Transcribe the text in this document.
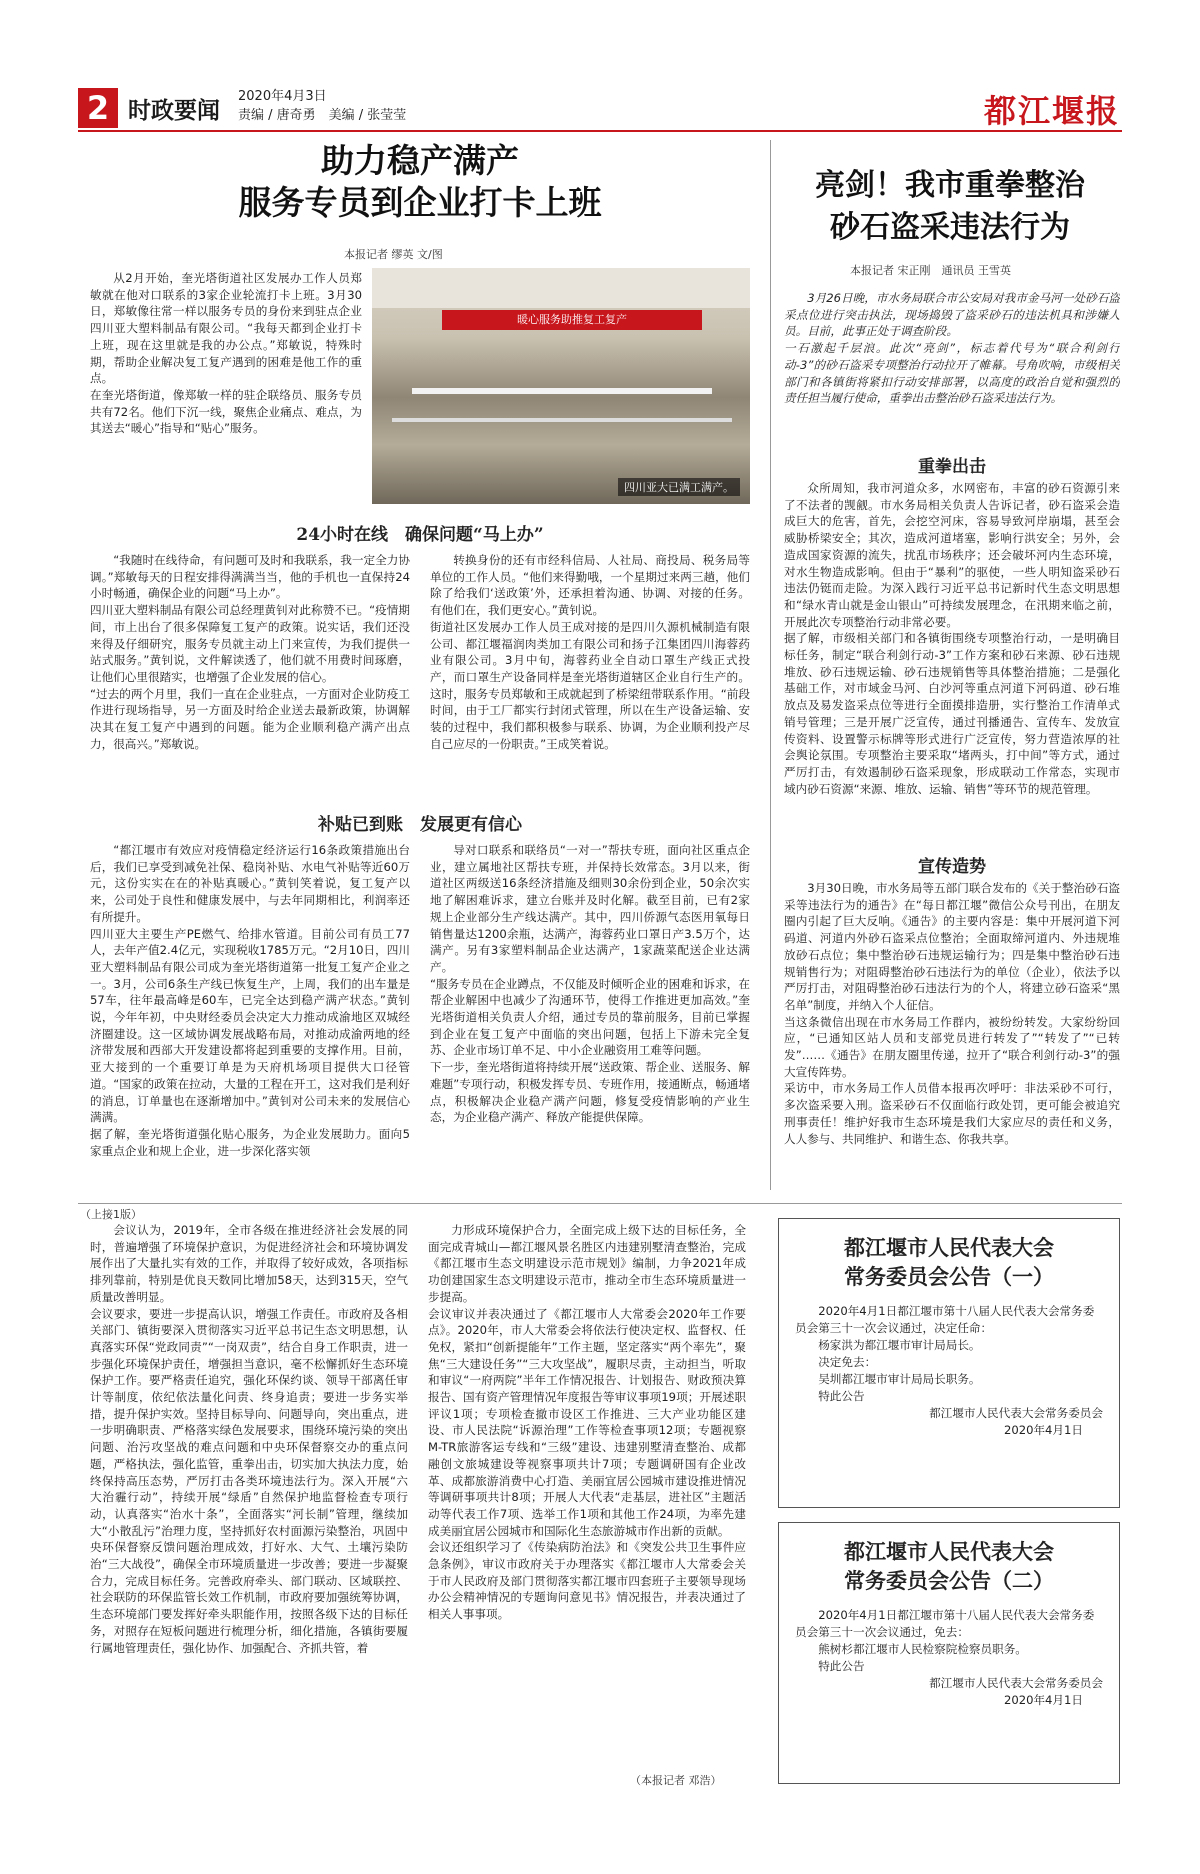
2 时政要闻
2020年4月3日
责编 / 唐奇勇　美编 / 张莹莹	都江堰报
助力稳产满产
服务专员到企业打卡上班
本报记者 缪英 文/图

从2月开始，奎光塔街道社区发展办工作人员郑敏就在他对口联系的3家企业轮流打卡上班。3月30日，郑敏像往常一样以服务专员的身份来到驻点企业四川亚大塑料制品有限公司。“我每天都到企业打卡上班，现在这里就是我的办公点。”郑敏说，特殊时期，帮助企业解决复工复产遇到的困难是他工作的重点。
在奎光塔街道，像郑敏一样的驻企联络员、服务专员共有72名。他们下沉一线，聚焦企业痛点、难点，为其送去“暖心”指导和“贴心”服务。

暖心服务助推复工复产
四川亚大已满工满产。
24小时在线　确保问题“马上办”

“我随时在线待命，有问题可及时和我联系，我一定全力协调。”郑敏每天的日程安排得满满当当，他的手机也一直保持24小时畅通，确保企业的问题“马上办”。
四川亚大塑料制品有限公司总经理黄钊对此称赞不已。“疫情期间，市上出台了很多保障复工复产的政策。说实话，我们还没来得及仔细研究，服务专员就主动上门来宣传，为我们提供一站式服务。”黄钊说，文件解读透了，他们就不用费时间琢磨，让他们心里很踏实，也增强了企业发展的信心。
“过去的两个月里，我们一直在企业驻点，一方面对企业防疫工作进行现场指导，另一方面及时给企业送去最新政策，协调解决其在复工复产中遇到的问题。能为企业顺利稳产满产出点力，很高兴。”郑敏说。

转换身份的还有市经科信局、人社局、商投局、税务局等单位的工作人员。“他们来得勤哦，一个星期过来两三趟，他们除了给我们‘送政策’外，还承担着沟通、协调、对接的任务。有他们在，我们更安心。”黄钊说。
街道社区发展办工作人员王成对接的是四川久源机械制造有限公司、都江堰福润肉类加工有限公司和扬子江集团四川海蓉药业有限公司。3月中旬，海蓉药业全自动口罩生产线正式投产，而口罩生产设备同样是奎光塔街道辖区企业自行生产的。这时，服务专员郑敏和王成就起到了桥梁纽带联系作用。“前段时间，由于工厂都实行封闭式管理，所以在生产设备运输、安装的过程中，我们都积极参与联系、协调，为企业顺利投产尽自己应尽的一份职责。”王成笑着说。

补贴已到账　发展更有信心

“都江堰市有效应对疫情稳定经济运行16条政策措施出台后，我们已享受到减免社保、稳岗补贴、水电气补贴等近60万元，这份实实在在的补贴真暖心。”黄钊笑着说，复工复产以来，公司处于良性和健康发展中，与去年同期相比，利润率还有所提升。
四川亚大主要生产PE燃气、给排水管道。目前公司有员工77人，去年产值2.4亿元，实现税收1785万元。“2月10日，四川亚大塑料制品有限公司成为奎光塔街道第一批复工复产企业之一。3月，公司6条生产线已恢复生产，上周，我们的出车量是57车，往年最高峰是60车，已完全达到稳产满产状态。”黄钊说，今年年初，中央财经委员会决定大力推动成渝地区双城经济圈建设。这一区域协调发展战略布局，对推动成渝两地的经济带发展和西部大开发建设都将起到重要的支撑作用。目前，亚大接到的一个重要订单是为天府机场项目提供大口径管道。“国家的政策在拉动，大量的工程在开工，这对我们是利好的消息，订单量也在逐渐增加中。”黄钊对公司未来的发展信心满满。
据了解，奎光塔街道强化贴心服务，为企业发展助力。面向5家重点企业和规上企业，进一步深化落实领

导对口联系和联络员“一对一”帮扶专班，面向社区重点企业，建立属地社区帮扶专班，并保持长效常态。3月以来，街道社区两级送16条经济措施及细则30余份到企业，50余次实地了解困难诉求，建立台账并及时化解。截至目前，已有2家规上企业部分生产线达满产。其中，四川侨源气态医用氧每日销售量达1200余瓶，达满产，海蓉药业口罩日产3.5万个，达满产。另有3家塑料制品企业达满产，1家蔬菜配送企业达满产。
“服务专员在企业蹲点，不仅能及时倾听企业的困难和诉求，在帮企业解困中也减少了沟通环节，使得工作推进更加高效。”奎光塔街道相关负责人介绍，通过专员的靠前服务，目前已掌握到企业在复工复产中面临的突出问题，包括上下游未完全复苏、企业市场订单不足、中小企业融资用工难等问题。
下一步，奎光塔街道将持续开展“送政策、帮企业、送服务、解难题”专项行动，积极发挥专员、专班作用，接通断点，畅通堵点，积极解决企业稳产满产问题，修复受疫情影响的产业生态，为企业稳产满产、释放产能提供保障。

亮剑！我市重拳整治
砂石盗采违法行为
本报记者 宋正刚　通讯员 王雪英

3月26日晚，市水务局联合市公安局对我市金马河一处砂石盗采点位进行突击执法，现场捣毁了盗采砂石的违法机具和涉嫌人员。目前，此事正处于调查阶段。
一石激起千层浪。此次“亮剑”，标志着代号为“联合利剑行动-3”的砂石盗采专项整治行动拉开了帷幕。号角吹响，市级相关部门和各镇街将紧扣行动安排部署，以高度的政治自觉和强烈的责任担当履行使命，重拳出击整治砂石盗采违法行为。

重拳出击

众所周知，我市河道众多，水网密布，丰富的砂石资源引来了不法者的觊觎。市水务局相关负责人告诉记者，砂石盗采会造成巨大的危害，首先，会挖空河床，容易导致河岸崩塌，甚至会威胁桥梁安全；其次，造成河道堵塞，影响行洪安全；另外，会造成国家资源的流失，扰乱市场秩序；还会破坏河内生态环境，对水生物造成影响。但由于“暴利”的驱使，一些人明知盗采砂石违法仍铤而走险。为深入践行习近平总书记新时代生态文明思想和“绿水青山就是金山银山”可持续发展理念，在汛期来临之前，开展此次专项整治行动非常必要。
据了解，市级相关部门和各镇街围绕专项整治行动，一是明确目标任务，制定“联合利剑行动-3”工作方案和砂石来源、砂石违规堆放、砂石违规运输、砂石违规销售等具体整治措施；二是强化基础工作，对市域金马河、白沙河等重点河道下河码道、砂石堆放点及易发盗采点位等进行全面摸排造册，实行整治工作清单式销号管理；三是开展广泛宣传，通过刊播通告、宣传车、发放宣传资料、设置警示标牌等形式进行广泛宣传，努力营造浓厚的社会舆论氛围。专项整治主要采取“堵两头，打中间”等方式，通过严厉打击，有效遏制砂石盗采现象，形成联动工作常态，实现市域内砂石资源“来源、堆放、运输、销售”等环节的规范管理。

宣传造势

3月30日晚，市水务局等五部门联合发布的《关于整治砂石盗采等违法行为的通告》在“每日都江堰”微信公众号刊出，在朋友圈内引起了巨大反响。《通告》的主要内容是：集中开展河道下河码道、河道内外砂石盗采点位整治；全面取缔河道内、外违规堆放砂石点位；集中整治砂石违规运输行为；四是集中整治砂石违规销售行为；对阻碍整治砂石违法行为的单位（企业），依法予以严厉打击，对阻碍整治砂石违法行为的个人，将建立砂石盗采“黑名单”制度，并纳入个人征信。
当这条微信出现在市水务局工作群内，被纷纷转发。大家纷纷回应，“已通知区站人员和支部党员进行转发了”“转发了”“已转发”……《通告》在朋友圈里传递，拉开了“联合利剑行动-3”的强大宣传阵势。
采访中，市水务局工作人员借本报再次呼吁：非法采砂不可行，多次盗采要入刑。盗采砂石不仅面临行政处罚，更可能会被追究刑事责任！维护好我市生态环境是我们大家应尽的责任和义务，人人参与、共同维护、和谐生态、你我共享。

（上接1版）

会议认为，2019年，全市各级在推进经济社会发展的同时，普遍增强了环境保护意识，为促进经济社会和环境协调发展作出了大量扎实有效的工作，并取得了较好成效，各项指标排列靠前，特别是优良天数同比增加58天，达到315天，空气质量改善明显。
会议要求，要进一步提高认识，增强工作责任。市政府及各相关部门、镇街要深入贯彻落实习近平总书记生态文明思想，认真落实环保“党政同责”“一岗双责”，结合自身工作职责，进一步强化环境保护责任，增强担当意识，毫不松懈抓好生态环境保护工作。要严格责任追究，强化环保约谈、领导干部离任审计等制度，依纪依法量化问责、终身追责；要进一步务实举措，提升保护实效。坚持目标导向、问题导向，突出重点，进一步明确职责、严格落实绿色发展要求，围绕环境污染的突出问题、治污攻坚战的难点问题和中央环保督察交办的重点问题，严格执法，强化监管，重拳出击，切实加大执法力度，始终保持高压态势，严厉打击各类环境违法行为。深入开展“六大治霾行动”，持续开展“绿盾”自然保护地监督检查专项行动，认真落实“治水十条”，全面落实“河长制”管理，继续加大“小散乱污”治理力度，坚持抓好农村面源污染整治，巩固中央环保督察反馈问题治理成效，打好水、大气、土壤污染防治“三大战役”，确保全市环境质量进一步改善；要进一步凝聚合力，完成目标任务。完善政府牵头、部门联动、区域联控、社会联防的环保监管长效工作机制，市政府要加强统筹协调，生态环境部门要发挥好牵头职能作用，按照各级下达的目标任务，对照存在短板问题进行梳理分析，细化措施，各镇街要履行属地管理责任，强化协作、加强配合、齐抓共管，着

力形成环境保护合力，全面完成上级下达的目标任务，全面完成青城山—都江堰风景名胜区内违建别墅清查整治，完成《都江堰市生态文明建设示范市规划》编制，力争2021年成功创建国家生态文明建设示范市，推动全市生态环境质量进一步提高。
会议审议并表决通过了《都江堰市人大常委会2020年工作要点》。2020年，市人大常委会将依法行使决定权、监督权、任免权，紧扣“创新提能年”工作主题，坚定落实“两个率先”，聚焦“三大建设任务”“三大攻坚战”，履职尽责，主动担当，听取和审议“一府两院”半年工作情况报告、计划报告、财政预决算报告、国有资产管理情况年度报告等审议事项19项；开展述职评议1项；专项检查撤市设区工作推进、三大产业功能区建设、市人民法院“诉源治理”工作等检查事项12项；专题视察M-TR旅游客运专线和“三级”建设、违建别墅清查整治、成都融创文旅城建设等视察事项共计7项；专题调研国有企业改革、成都旅游消费中心打造、美丽宜居公园城市建设推进情况等调研事项共计8项；开展人大代表“走基层，进社区”主题活动等代表工作7项、选举工作1项和其他工作24项，为率先建成美丽宜居公园城市和国际化生态旅游城市作出新的贡献。
会议还组织学习了《传染病防治法》和《突发公共卫生事件应急条例》，审议市政府关于办理落实《都江堰市人大常委会关于市人民政府及部门贯彻落实都江堰市四套班子主要领导现场办公会精神情况的专题询问意见书》情况报告，并表决通过了相关人事事项。

（本报记者 邓浩）
都江堰市人民代表大会
常务委员会公告（一）

2020年4月1日都江堰市第十八届人民代表大会常务委员会第三十一次会议通过，决定任命：

杨家洪为都江堰市审计局局长。

决定免去：

吴圳都江堰市审计局局长职务。

特此公告

都江堰市人民代表大会常务委员会

2020年4月1日

都江堰市人民代表大会
常务委员会公告（二）

2020年4月1日都江堰市第十八届人民代表大会常务委员会第三十一次会议通过，免去：

熊树杉都江堰市人民检察院检察员职务。

特此公告

都江堰市人民代表大会常务委员会

2020年4月1日
